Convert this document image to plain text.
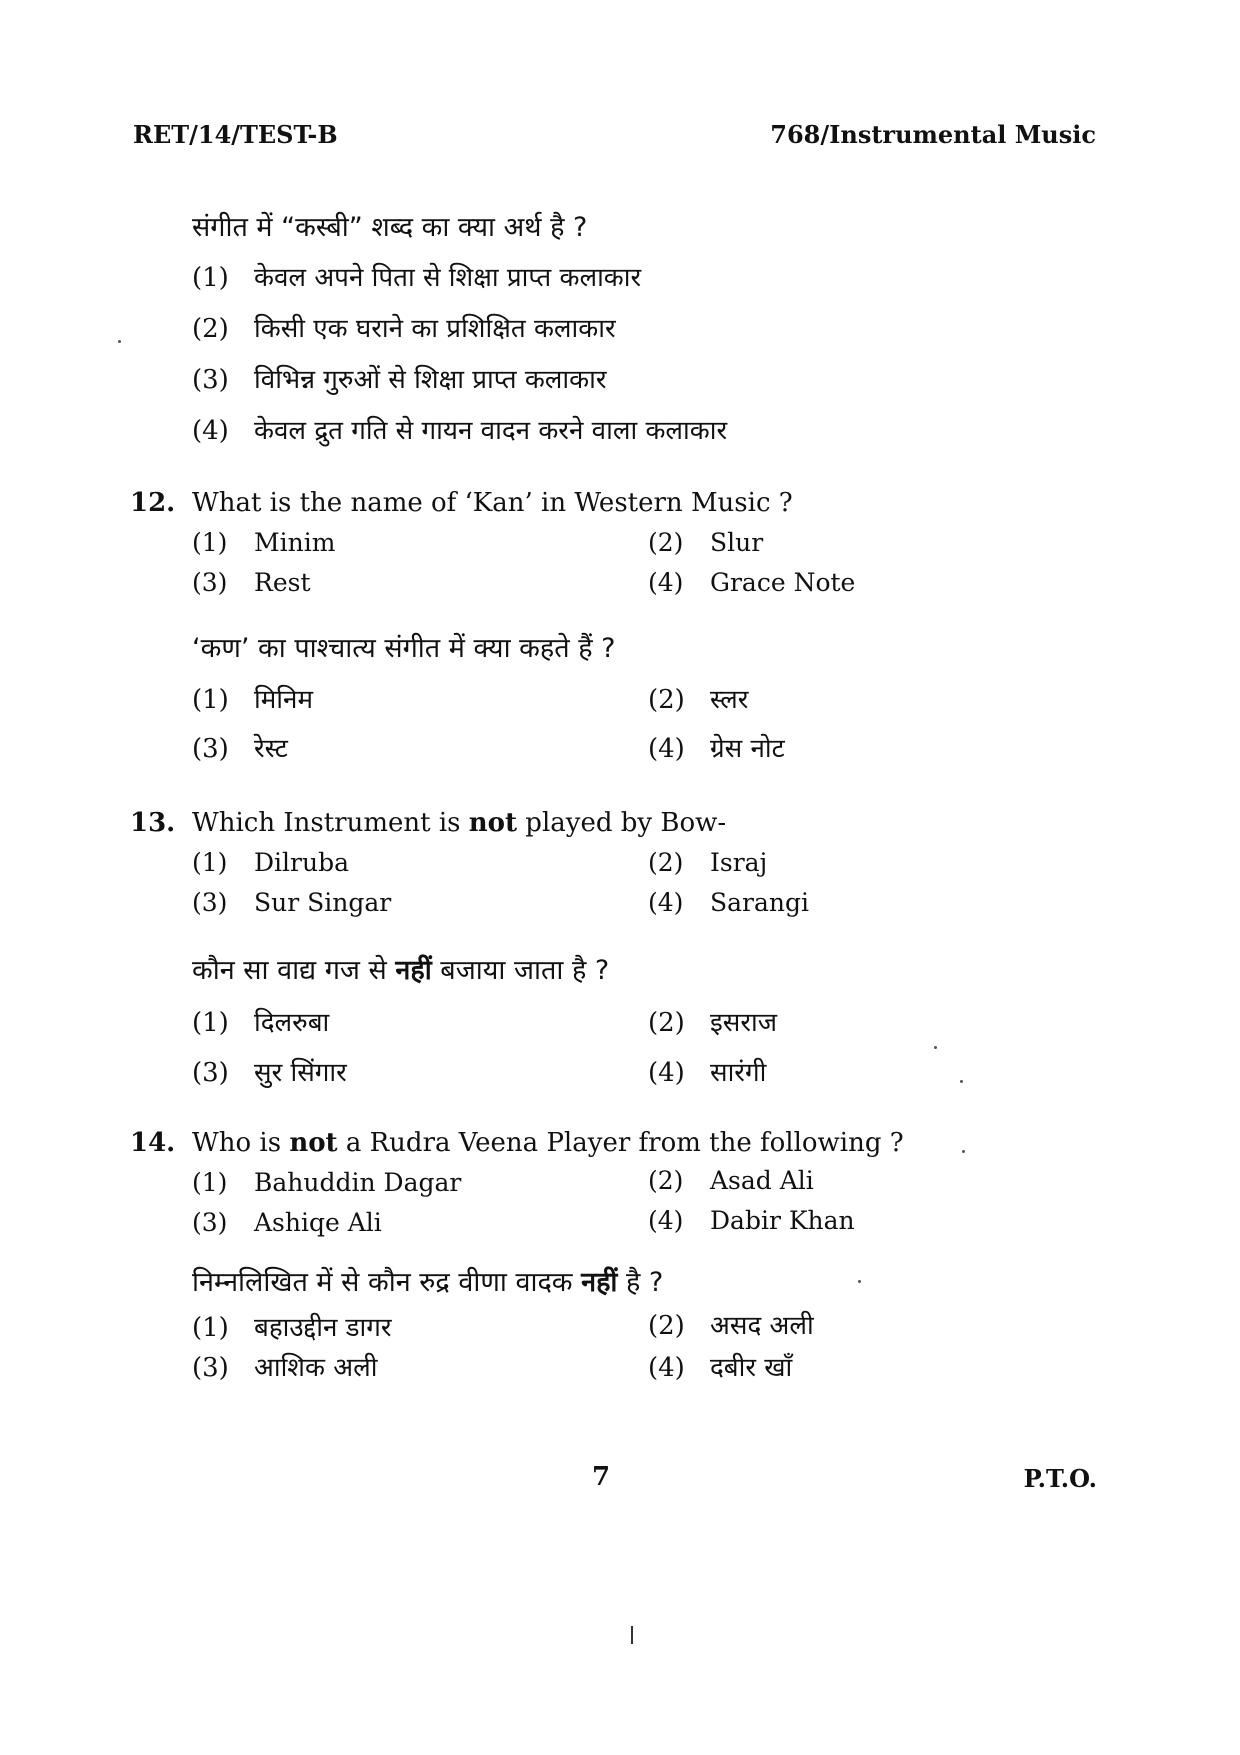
RET/14/TEST-B	768/Instrumental Music
संगीत में “कस्बी” शब्द का क्या अर्थ है ?
(1) केवल अपने पिता से शिक्षा प्राप्त कलाकार
(2) किसी एक घराने का प्रशिक्षित कलाकार
(3) विभिन्न गुरुओं से शिक्षा प्राप्त कलाकार
(4) केवल द्रुत गति से गायन वादन करने वाला कलाकार
12. What is the name of ‘Kan’ in Western Music ?
(1) Minim	(2) Slur
(3) Rest	(4) Grace Note
‘कण’ का पाश्चात्य संगीत में क्या कहते हैं ?
(1) मिनिम	(2) स्लर
(3) रेस्ट	(4) ग्रेस नोट
13. Which Instrument is not played by Bow-
(1) Dilruba	(2) Israj
(3) Sur Singar	(4) Sarangi
कौन सा वाद्य गज से नहीं बजाया जाता है ?
(1) दिलरुबा	(2) इसराज
(3) सुर सिंगार	(4) सारंगी
14. Who is not a Rudra Veena Player from the following ?
(1) Bahuddin Dagar	(2) Asad Ali
(3) Ashiqe Ali	(4) Dabir Khan
निम्नलिखित में से कौन रुद्र वीणा वादक नहीं है ?
(1) बहाउद्दीन डागर	(2) असद अली
(3) आशिक अली	(4) दबीर खाँ
7	P.T.O.
